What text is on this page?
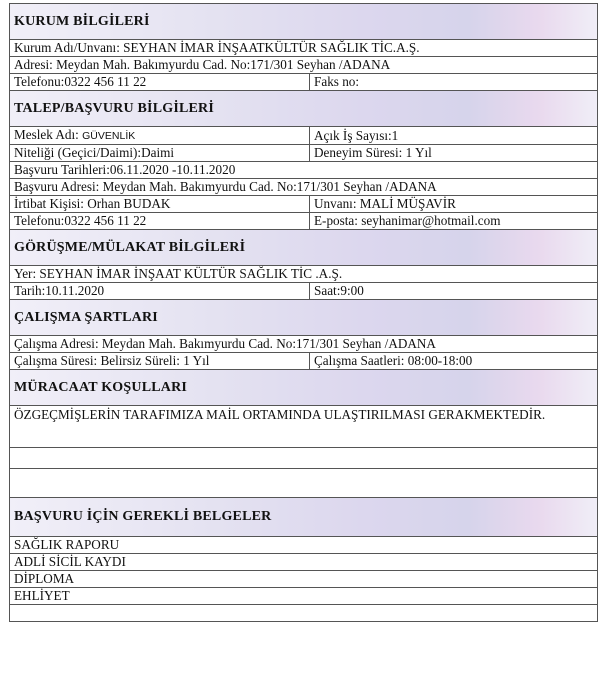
KURUM BİLGİLERİ	
Kurum Adı/Unvanı: SEYHAN İMAR İNŞAATKÜLTÜR SAĞLIK TİC.A.Ş.	
Adresi: Meydan Mah. Bakımyurdu Cad. No:171/301 Seyhan /ADANA	
Telefonu:0322 456 11 22	Faks no:
TALEP/BAŞVURU BİLGİLERİ	
Meslek Adı: GÜVENLİK	Açık İş Sayısı:1
Niteliği (Geçici/Daimi):Daimi	Deneyim Süresi: 1 Yıl
Başvuru Tarihleri:06.11.2020 -10.11.2020	
Başvuru Adresi: Meydan Mah. Bakımyurdu Cad. No:171/301 Seyhan /ADANA	
İrtibat Kişisi: Orhan BUDAK	Unvanı: MALİ MÜŞAVİR
Telefonu:0322 456 11 22	E-posta: seyhanimar@hotmail.com
GÖRÜŞME/MÜLAKAT BİLGİLERİ	
Yer: SEYHAN İMAR İNŞAAT KÜLTÜR SAĞLIK TİC .A.Ş.	
Tarih:10.11.2020	Saat:9:00
ÇALIŞMA ŞARTLARI	
Çalışma Adresi: Meydan Mah. Bakımyurdu Cad. No:171/301 Seyhan /ADANA	
Çalışma Süresi: Belirsiz Süreli: 1 Yıl	Çalışma Saatleri: 08:00-18:00
MÜRACAAT KOŞULLARI	
ÖZGEÇMİŞLERİN TARAFIMIZA MAİL ORTAMINDA ULAŞTIRILMASI GERAKMEKTEDİR.	

BAŞVURU İÇİN GEREKLİ BELGELER	
SAĞLIK RAPORU	
ADLİ SİCİL KAYDI	
DİPLOMA	
EHLİYET	
